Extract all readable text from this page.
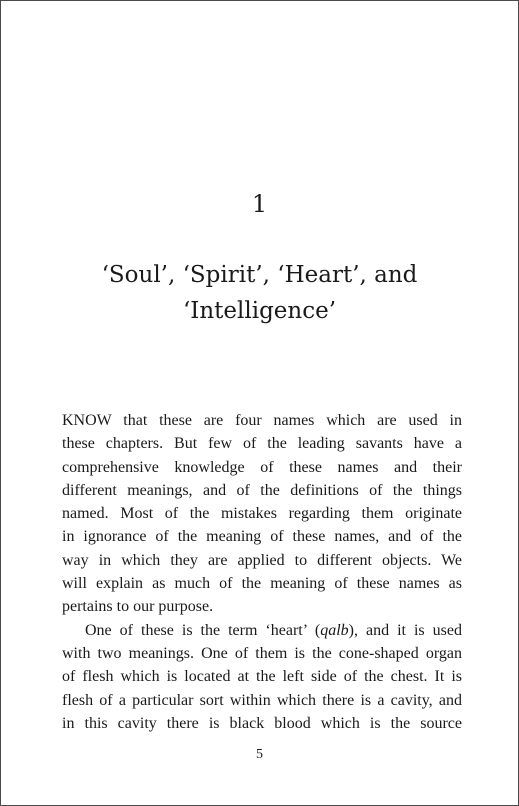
1
‘Soul’, ‘Spirit’, ‘Heart’, and
‘Intelligence’
KNOW that these are four names which are used in
these chapters. But few of the leading savants have a
comprehensive knowledge of these names and their
different meanings, and of the definitions of the things
named. Most of the mistakes regarding them originate
in ignorance of the meaning of these names, and of the
way in which they are applied to different objects. We
will explain as much of the meaning of these names as
pertains to our purpose.
One of these is the term ‘heart’ (qalb), and it is used
with two meanings. One of them is the cone-shaped organ
of flesh which is located at the left side of the chest. It is
flesh of a particular sort within which there is a cavity, and
in this cavity there is black blood which is the source
5
